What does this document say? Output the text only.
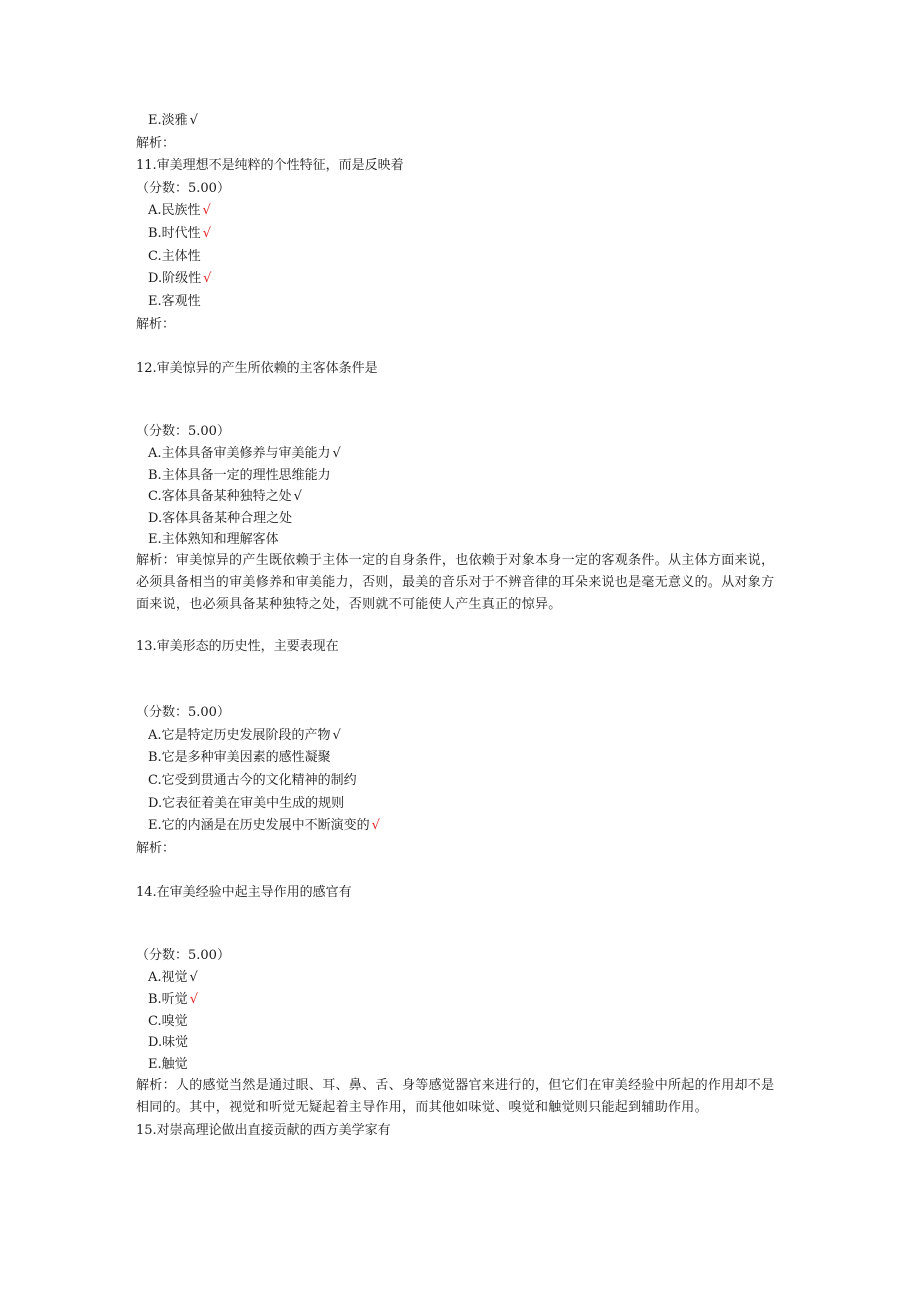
E.淡雅 √
解析：
11.审美理想不是纯粹的个性特征，而是反映着
（分数：5.00）
A.民族性 √
B.时代性 √
C.主体性
D.阶级性 √
E.客观性
解析：
12.审美惊异的产生所依赖的主客体条件是
（分数：5.00）
A.主体具备审美修养与审美能力 √
B.主体具备一定的理性思维能力
C.客体具备某种独特之处 √
D.客体具备某种合理之处
E.主体熟知和理解客体
解析：审美惊异的产生既依赖于主体一定的自身条件，也依赖于对象本身一定的客观条件。从主体方面来说，必须具备相当的审美修养和审美能力，否则，最美的音乐对于不辨音律的耳朵来说也是毫无意义的。从对象方面来说，也必须具备某种独特之处，否则就不可能使人产生真正的惊异。
13.审美形态的历史性，主要表现在
（分数：5.00）
A.它是特定历史发展阶段的产物 √
B.它是多种审美因素的感性凝聚
C.它受到贯通古今的文化精神的制约
D.它表征着美在审美中生成的规则
E.它的内涵是在历史发展中不断演变的 √
解析：
14.在审美经验中起主导作用的感官有
（分数：5.00）
A.视觉 √
B.听觉 √
C.嗅觉
D.味觉
E.触觉
解析：人的感觉当然是通过眼、耳、鼻、舌、身等感觉器官来进行的，但它们在审美经验中所起的作用却不是相同的。其中，视觉和听觉无疑起着主导作用，而其他如味觉、嗅觉和触觉则只能起到辅助作用。
15.对崇高理论做出直接贡献的西方美学家有
